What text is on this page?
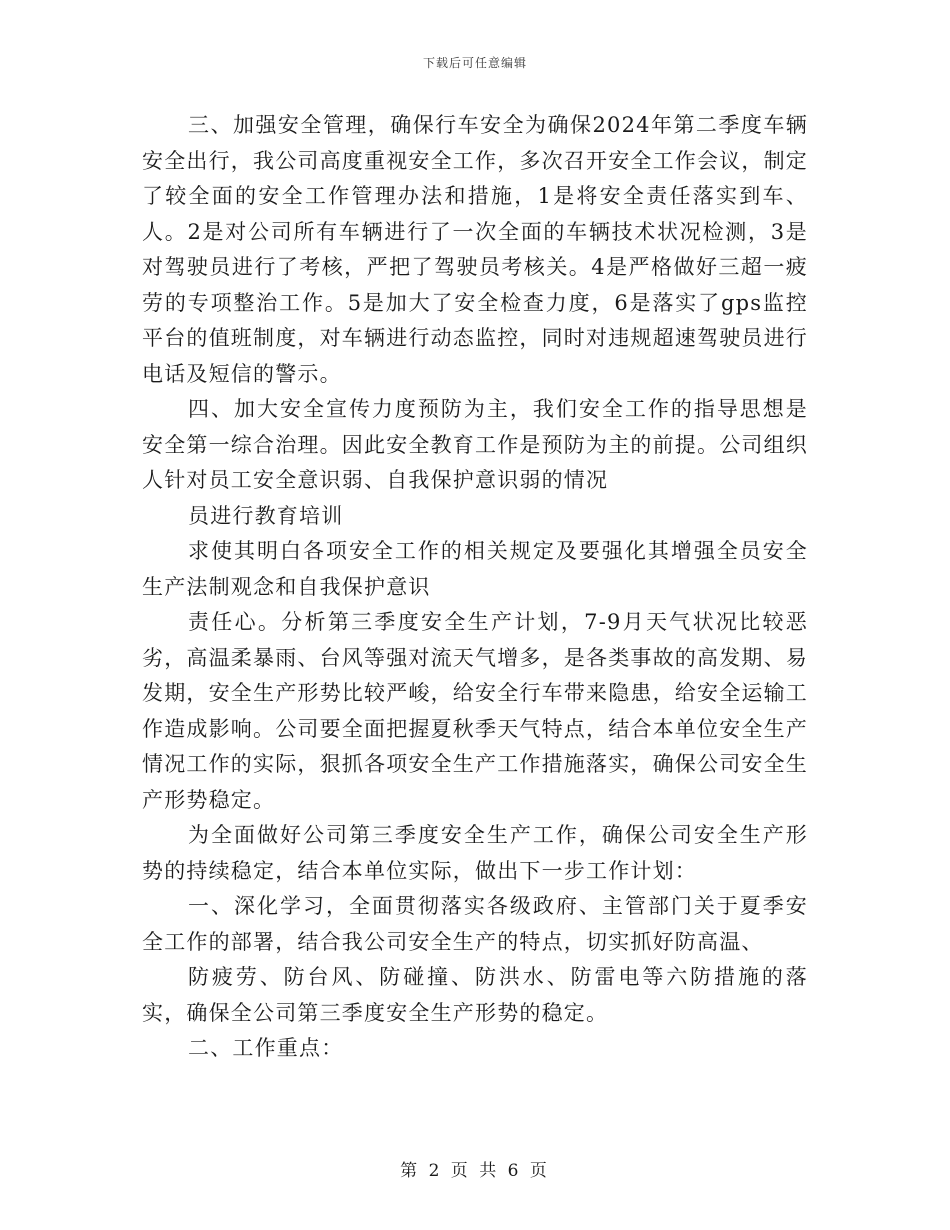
下载后可任意编辑

三、加强安全管理，确保行车安全为确保2024年第二季度车辆安全出行，我公司高度重视安全工作，多次召开安全工作会议，制定了较全面的安全工作管理办法和措施，1是将安全责任落实到车、人。2是对公司所有车辆进行了一次全面的车辆技术状况检测，3是对驾驶员进行了考核，严把了驾驶员考核关。4是严格做好三超一疲劳的专项整治工作。5是加大了安全检查力度，6是落实了gps监控平台的值班制度，对车辆进行动态监控，同时对违规超速驾驶员进行电话及短信的警示。

四、加大安全宣传力度预防为主，我们安全工作的指导思想是安全第一综合治理。因此安全教育工作是预防为主的前提。公司组织人针对员工安全意识弱、自我保护意识弱的情况

员进行教育培训

求使其明白各项安全工作的相关规定及要强化其增强全员安全生产法制观念和自我保护意识

责任心。分析第三季度安全生产计划，7-9月天气状况比较恶劣，高温柔暴雨、台风等强对流天气增多，是各类事故的高发期、易发期，安全生产形势比较严峻，给安全行车带来隐患，给安全运输工作造成影响。公司要全面把握夏秋季天气特点，结合本单位安全生产情况工作的实际，狠抓各项安全生产工作措施落实，确保公司安全生产形势稳定。

为全面做好公司第三季度安全生产工作，确保公司安全生产形势的持续稳定，结合本单位实际，做出下一步工作计划：

一、深化学习，全面贯彻落实各级政府、主管部门关于夏季安全工作的部署，结合我公司安全生产的特点，切实抓好防高温、

防疲劳、防台风、防碰撞、防洪水、防雷电等六防措施的落实，确保全公司第三季度安全生产形势的稳定。

二、工作重点：

第 2 页 共 6 页
